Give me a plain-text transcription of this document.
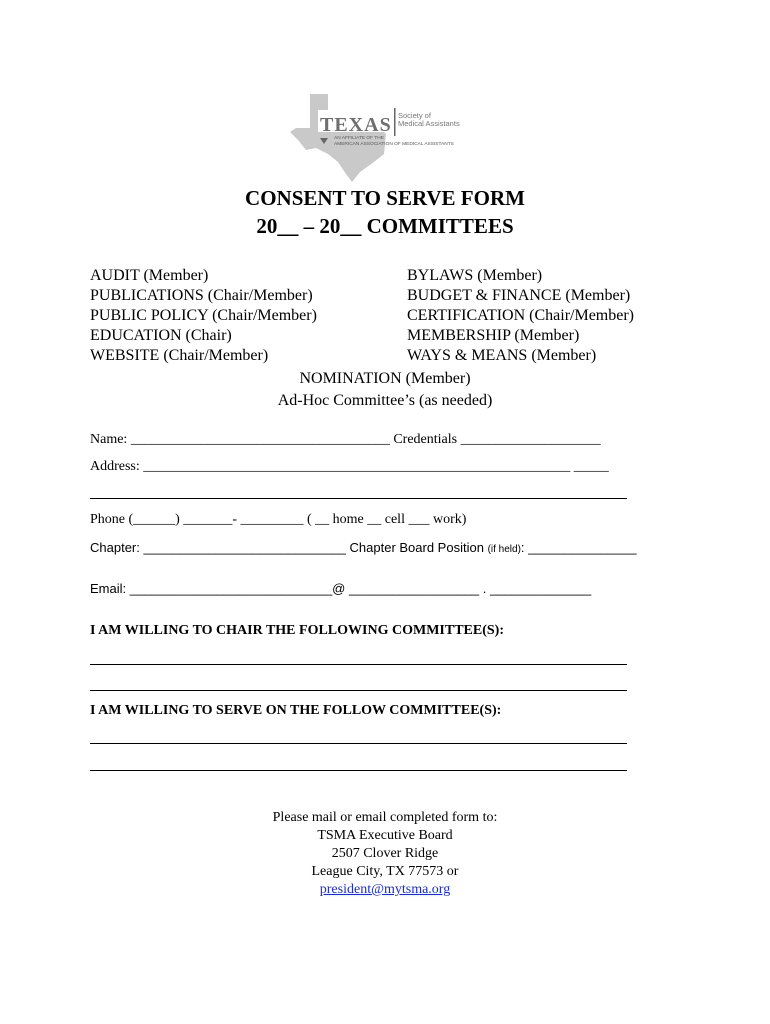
TEXAS Society of
Medical Assistants
AN AFFILIATE OF THE
AMERICAN ASSOCIATION OF MEDICAL ASSISTANTS
CONSENT TO SERVE FORM
20__ – 20__ COMMITTEES
AUDIT (Member)
PUBLICATIONS (Chair/Member)
PUBLIC POLICY (Chair/Member)
EDUCATION (Chair)
WEBSITE (Chair/Member)
BYLAWS (Member)
BUDGET & FINANCE (Member)
CERTIFICATION (Chair/Member)
MEMBERSHIP (Member)
WAYS & MEANS (Member)
NOMINATION (Member)
Ad-Hoc Committee’s (as needed)
Name: _____________________________________ Credentials ____________________
Address: _____________________________________________________________ _____
Phone (______) _______- _________ ( __ home __ cell ___ work)
Chapter: ____________________________ Chapter Board Position (if held): _______________
Email: ____________________________@ __________________ . ______________
I AM WILLING TO CHAIR THE FOLLOWING COMMITTEE(S):
I AM WILLING TO SERVE ON THE FOLLOW COMMITTEE(S):
Please mail or email completed form to:
TSMA Executive Board
2507 Clover Ridge
League City, TX 77573 or
president@mytsma.org
